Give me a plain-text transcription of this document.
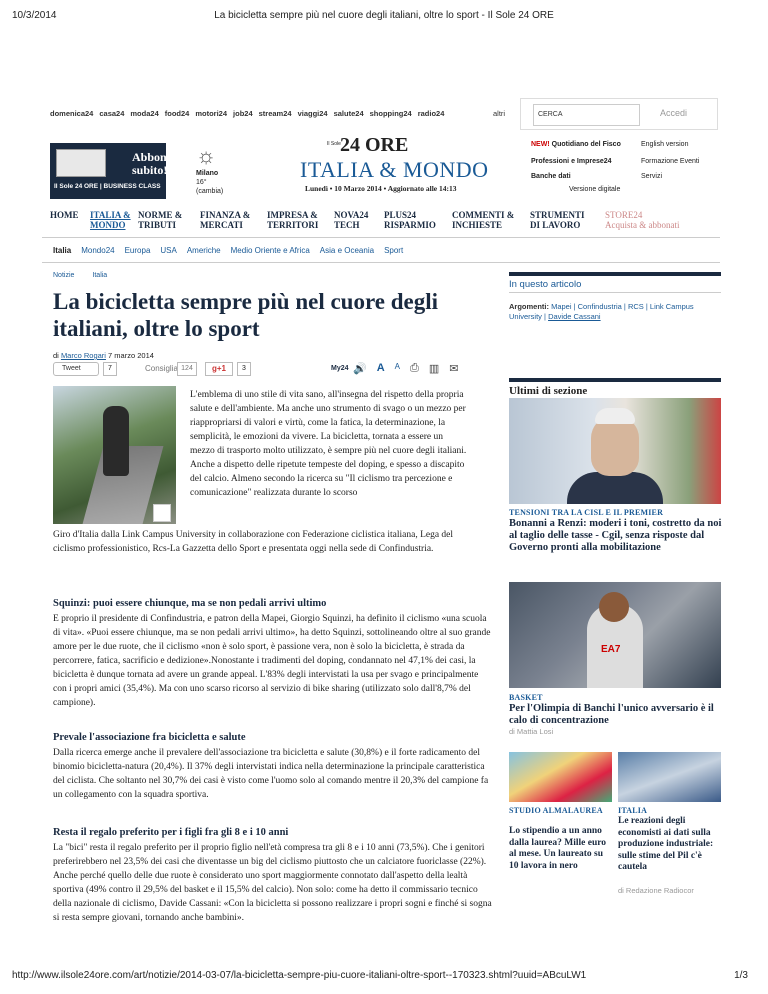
La bicicletta sempre più nel cuore degli italiani, oltre lo sport - Il Sole 24 ORE
10/3/2014
http://www.ilsole24ore.com/art/notizie/2014-03-07/la-bicicletta-sempre-piu-cuore-italiani-oltre-sport--170323.shtml?uuid=ABcuLW1	1/3
domenica24 casa24 moda24 food24 motori24 job24 stream24 viaggi24 salute24 shopping24 radio24	altri	CERCA	Accedi
Abbonati subito!
Il Sole 24 ORE | BUSINESS CLASS
☼
Milano
16°
(cambia)
Il Sole 24 ORE
ITALIA & MONDO
Lunedì • 10 Marzo 2014 • Aggiornato alle 14:13
NEW! Quotidiano del Fisco	English version
Professioni e Imprese24	Formazione Eventi
Banche dati	Servizi
Versione digitale
HOME ITALIA &
MONDO
NORME &
TRIBUTI
FINANZA &
MERCATI
IMPRESA &
TERRITORI
NOVA24
TECH
PLUS24
RISPARMIO
COMMENTI &
INCHIESTE
STRUMENTI
DI LAVORO
STORE24
Acquista & abbonati
Italia Mondo24 Europa USA Americhe Medio Oriente e Africa Asia e Oceania Sport
Notizie	Italia
La bicicletta sempre più nel cuore degli italiani, oltre lo sport
di Marco Rogari 7 marzo 2014
Tweet	7	Consiglia 124	g+1	3	My24 🔊 A A ⎙ ▥ ✉

L'emblema di uno stile di vita sano, all'insegna del rispetto della propria salute e dell'ambiente. Ma anche uno strumento di svago o un mezzo per riappropriarsi di valori e virtù, come la fatica, la determinazione, la semplicità, le emozioni da vivere. La bicicletta, tornata a essere un mezzo di trasporto molto utilizzato, è sempre più nel cuore degli italiani. Anche a dispetto delle ripetute tempeste del doping, e spesso a discapito del calcio. Almeno secondo la ricerca su "Il ciclismo tra percezione e comunicazione" realizzata durante lo scorso

Giro d'Italia dalla Link Campus University in collaborazione con Federazione ciclistica italiana, Lega del ciclismo professionistico, Rcs-La Gazzetta dello Sport e presentata oggi nella sede di Confindustria.

Squinzi: puoi essere chiunque, ma se non pedali arrivi ultimo

E proprio il presidente di Confindustria, e patron della Mapei, Giorgio Squinzi, ha definito il ciclismo «una scuola di vita». «Puoi essere chiunque, ma se non pedali arrivi ultimo», ha detto Squinzi, sottolineando oltre al suo grande amore per le due ruote, che il ciclismo «non è solo sport, è passione vera, non è solo la bicicletta, è strada da percorrere, fatica, sacrificio e dedizione».Nonostante i tradimenti del doping, condannato nel 47,1% dei casi, la bicicletta è dunque tornata ad avere un grande appeal. L'83% degli intervistati la usa per svago e principalmente con i propri amici (35,4%). Ma con uno scarso ricorso al servizio di bike sharing (utilizzato solo dall'8,7% del campione).

Prevale l'associazione fra bicicletta e salute

Dalla ricerca emerge anche il prevalere dell'associazione tra bicicletta e salute (30,8%) e il forte radicamento del binomio bicicletta-natura (20,4%). Il 37% degli intervistati indica nella determinazione la principale caratteristica del ciclista. Che soltanto nel 30,7% dei casi è visto come l'uomo solo al comando mentre il 20,3% del campione fa un collegamento con la squadra sportiva.

Resta il regalo preferito per i figli fra gli 8 e i 10 anni

La "bici" resta il regalo preferito per il proprio figlio nell'età compresa tra gli 8 e i 10 anni (73,5%). Che i genitori preferirebbero nel 23,5% dei casi che diventasse un big del ciclismo piuttosto che un calciatore fuoriclasse (22%). Anche perché quello delle due ruote è considerato uno sport maggiormente connotato dall'aspetto della lealtà sportiva (49% contro il 29,5% del basket e il 15,5% del calcio). Non solo: come ha detto il commissario tecnico della nazionale di ciclismo, Davide Cassani: «Con la bicicletta si possono realizzare i propri sogni e finché si sogna si resta sempre giovani, tornando anche bambini».

In questo articolo
Argomenti: Mapei | Confindustria | RCS | Link Campus University | Davide Cassani
Ultimi di sezione
TENSIONI TRA LA CISL E IL PREMIER
Bonanni a Renzi: moderi i toni, costretto da noi al taglio delle tasse - Cgil, senza risposte dal Governo pronti alla mobilitazione
EA7
BASKET
Per l'Olimpia di Banchi l'unico avversario è il calo di concentrazione
di Mattia Losi
STUDIO ALMALAUREA
Lo stipendio a un anno dalla laurea? Mille euro al mese. Un laureato su 10 lavora in nero
ITALIA
Le reazioni degli economisti ai dati sulla produzione industriale: sulle stime del Pil c'è cautela
di Redazione Radiocor
